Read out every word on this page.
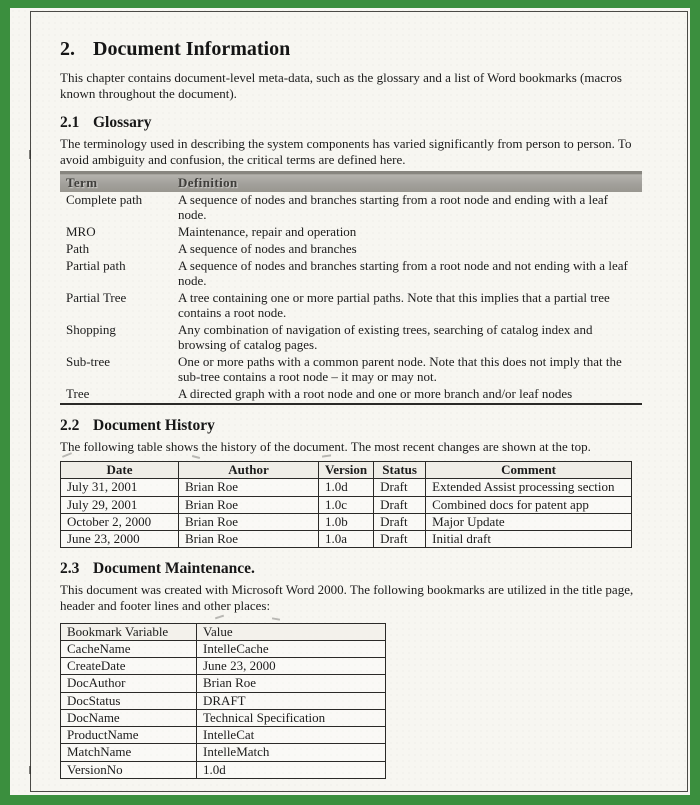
2. Document Information

This chapter contains document-level meta-data, such as the glossary and a list of Word bookmarks (macros known throughout the document).

2.1 Glossary

The terminology used in describing the system components has varied significantly from person to person. To avoid ambiguity and confusion, the critical terms are defined here.

Term	Definition
Complete path	A sequence of nodes and branches starting from a root node and ending with a leaf node.
MRO	Maintenance, repair and operation
Path	A sequence of nodes and branches
Partial path	A sequence of nodes and branches starting from a root node and not ending with a leaf node.
Partial Tree	A tree containing one or more partial paths. Note that this implies that a partial tree contains a root node.
Shopping	Any combination of navigation of existing trees, searching of catalog index and browsing of catalog pages.
Sub-tree	One or more paths with a common parent node. Note that this does not imply that the sub-tree contains a root node – it may or may not.
Tree	A directed graph with a root node and one or more branch and/or leaf nodes
2.2 Document History

The following table shows the history of the document. The most recent changes are shown at the top.

Date	Author	Version	Status	Comment
July 31, 2001	Brian Roe	1.0d	Draft	Extended Assist processing section
July 29, 2001	Brian Roe	1.0c	Draft	Combined docs for patent app
October 2, 2000	Brian Roe	1.0b	Draft	Major Update
June 23, 2000	Brian Roe	1.0a	Draft	Initial draft
2.3 Document Maintenance.

This document was created with Microsoft Word 2000. The following bookmarks are utilized in the title page, header and footer lines and other places:

Bookmark Variable	Value
CacheName	IntelleCache
CreateDate	June 23, 2000
DocAuthor	Brian Roe
DocStatus	DRAFT
DocName	Technical Specification
ProductName	IntelleCat
MatchName	IntelleMatch
VersionNo	1.0d
